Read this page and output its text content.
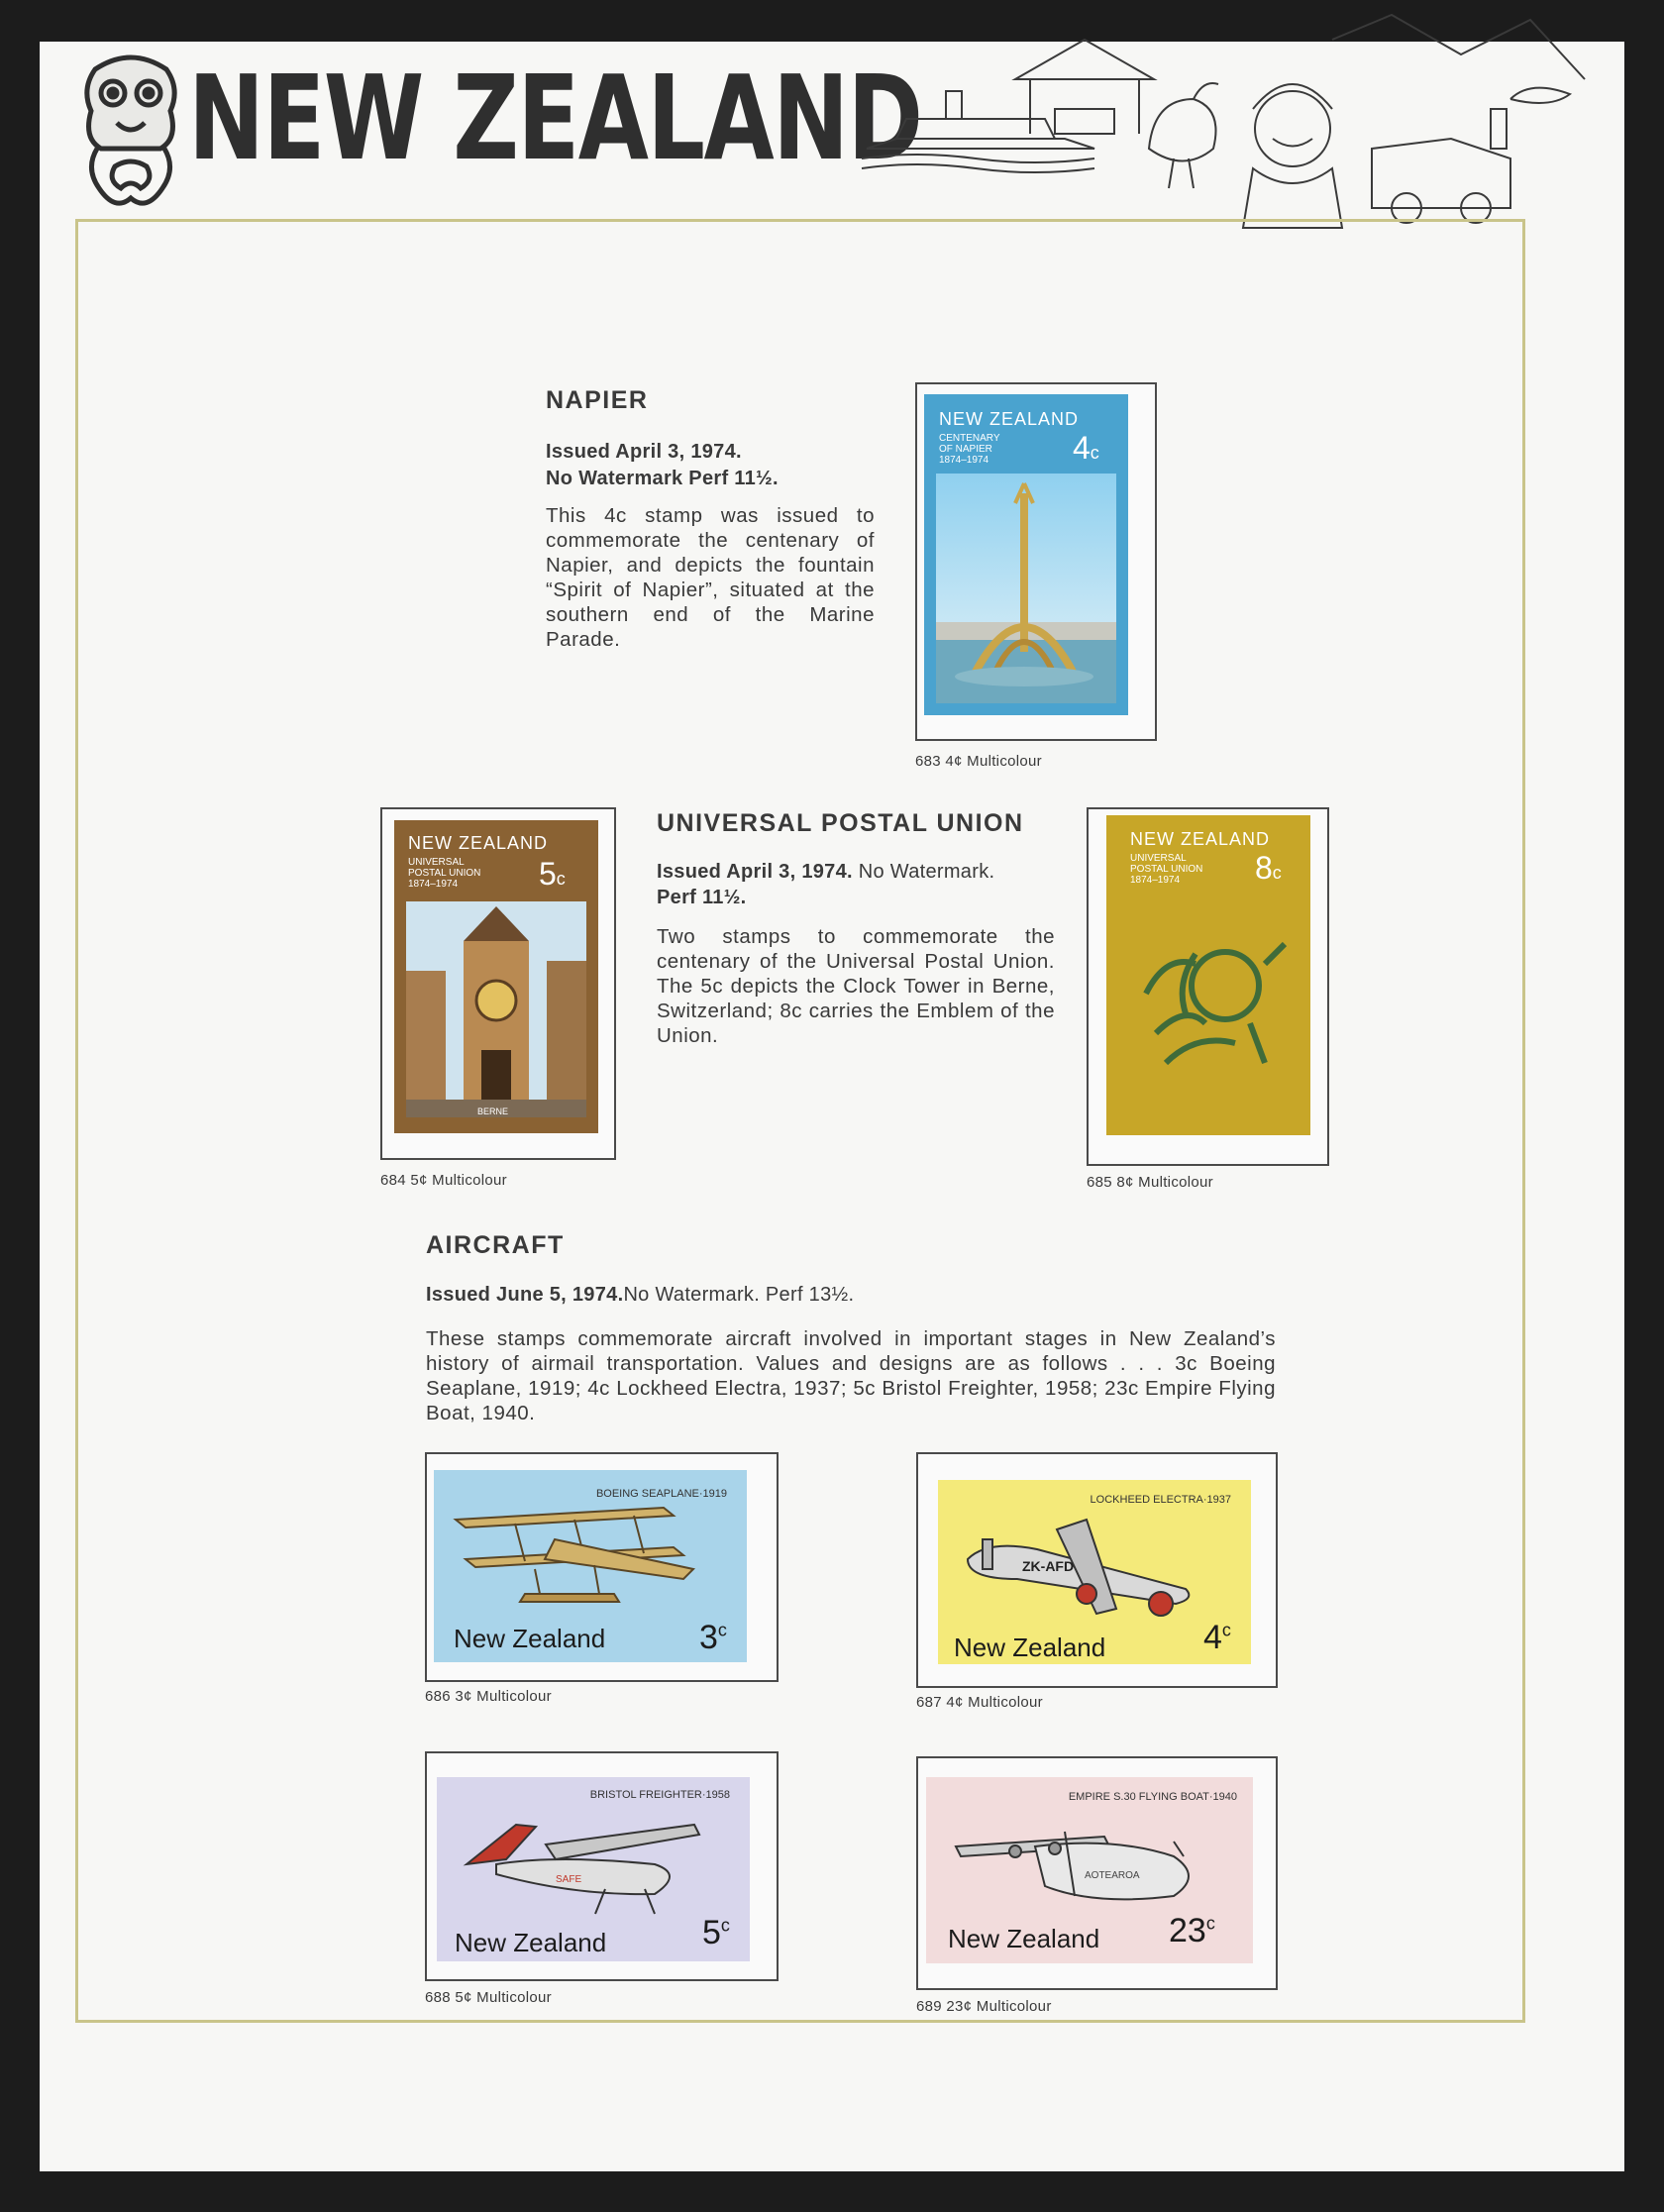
NEW ZEALAND
NAPIER
Issued April 3, 1974.
No Watermark Perf 11½.
This 4c stamp was issued to commemorate the centenary of Napier, and depicts the fountain “Spirit of Napier”, situated at the southern end of the Marine Parade.
NEW ZEALAND
CENTENARY
OF NAPIER
1874–1974	4c
683 4¢ Multicolour
UNIVERSAL POSTAL UNION
Issued April 3, 1974. No Watermark.
Perf 11½.
Two stamps to commemorate the centenary of the Universal Postal Union. The 5c depicts the Clock Tower in Berne, Switzerland; 8c carries the Emblem of the Union.
NEW ZEALAND
UNIVERSAL
POSTAL UNION
1874–1974	5c
BERNE
684 5¢ Multicolour
NEW ZEALAND
UNIVERSAL
POSTAL UNION
1874–1974 8c
685 8¢ Multicolour
AIRCRAFT
Issued June 5, 1974.No Watermark. Perf 13½.
These stamps commemorate aircraft involved in important stages in New Zealand’s history of airmail transportation. Values and designs are as follows . . . 3c Boeing Seaplane, 1919; 4c Lockheed Electra, 1937; 5c Bristol Freighter, 1958; 23c Empire Flying Boat, 1940.
BOEING SEAPLANE·1919
New Zealand	3$^c$
686 3¢ Multicolour
LOCKHEED ELECTRA·1937
ZK-AFD
New Zealand	4$^c$
687 4¢ Multicolour
BRISTOL FREIGHTER·1958
SAFE
New Zealand	5$^c$
688 5¢ Multicolour
EMPIRE S.30 FLYING BOAT·1940
AOTEAROA
New Zealand 23$^c$
689 23¢ Multicolour
